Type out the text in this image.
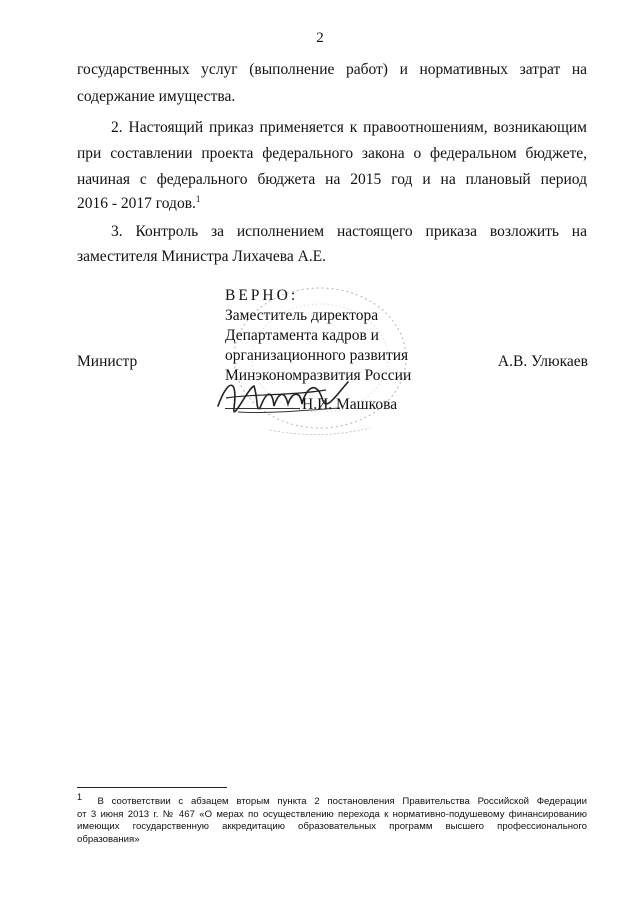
2
государственных услуг (выполнение работ) и нормативных затрат на
содержание имущества.
2. Настоящий приказ применяется к правоотношениям, возникающим
при составлении проекта федерального закона о федеральном бюджете,
начиная с федерального бюджета на 2015 год и на плановый период
2016 - 2017 годов.$^1$
3. Контроль за исполнением настоящего приказа возложить на
заместителя Министра Лихачева А.Е.
ВЕРНО:
Заместитель директора
Департамента кадров и
организационного развития
Минэкономразвития России
Министр	А.В. Улюкаев
Н.И. Машкова
$^1$ В соответствии с абзацем вторым пункта 2 постановления Правительства Российской Федерации
от 3 июня 2013 г. № 467 «О мерах по осуществлению перехода к нормативно-подушевому финансированию
имеющих государственную аккредитацию образовательных программ высшего профессионального
образования»
